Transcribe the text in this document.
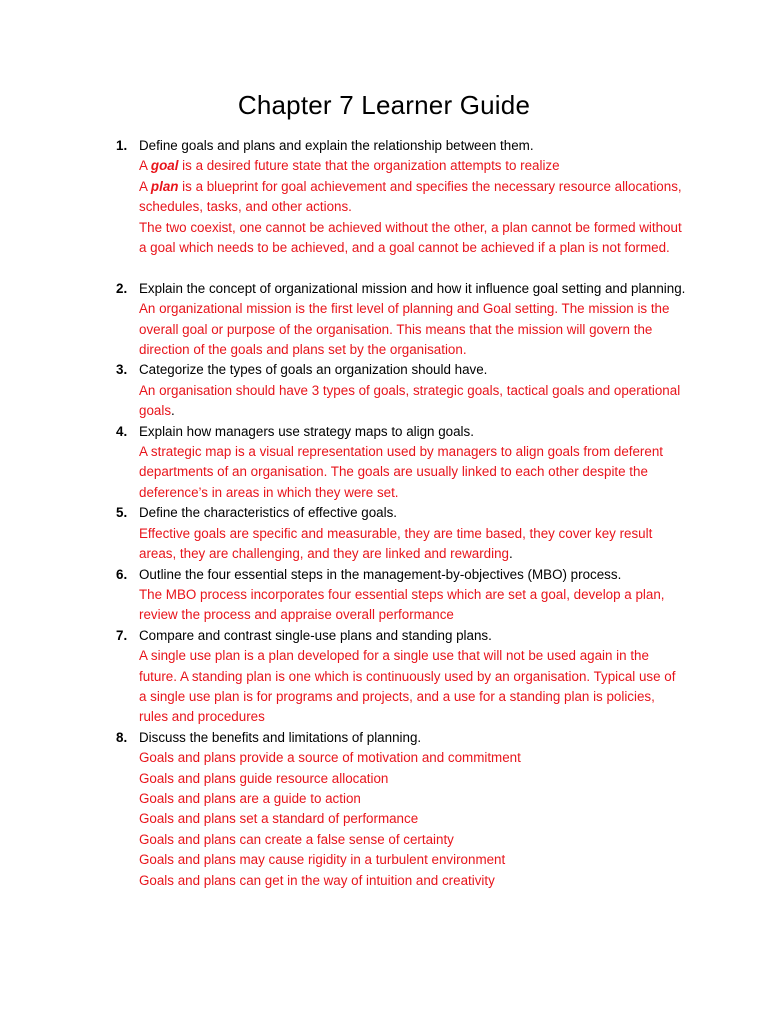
Chapter 7 Learner Guide
1. Define goals and plans and explain the relationship between them.
A goal is a desired future state that the organization attempts to realize
A plan is a blueprint for goal achievement and specifies the necessary resource allocations, schedules, tasks, and other actions.
The two coexist, one cannot be achieved without the other, a plan cannot be formed without a goal which needs to be achieved, and a goal cannot be achieved if a plan is not formed.
2. Explain the concept of organizational mission and how it influence goal setting and planning.
An organizational mission is the first level of planning and Goal setting. The mission is the overall goal or purpose of the organisation. This means that the mission will govern the direction of the goals and plans set by the organisation.
3. Categorize the types of goals an organization should have.
An organisation should have 3 types of goals, strategic goals, tactical goals and operational goals.
4. Explain how managers use strategy maps to align goals.
A strategic map is a visual representation used by managers to align goals from deferent departments of an organisation. The goals are usually linked to each other despite the deference’s in areas in which they were set.
5. Define the characteristics of effective goals.
Effective goals are specific and measurable, they are time based, they cover key result areas, they are challenging, and they are linked and rewarding.
6. Outline the four essential steps in the management-by-objectives (MBO) process.
The MBO process incorporates four essential steps which are set a goal, develop a plan, review the process and appraise overall performance
7. Compare and contrast single-use plans and standing plans.
A single use plan is a plan developed for a single use that will not be used again in the future. A standing plan is one which is continuously used by an organisation. Typical use of a single use plan is for programs and projects, and a use for a standing plan is policies, rules and procedures
8. Discuss the benefits and limitations of planning.
Goals and plans provide a source of motivation and commitment
Goals and plans guide resource allocation
Goals and plans are a guide to action
Goals and plans set a standard of performance
Goals and plans can create a false sense of certainty
Goals and plans may cause rigidity in a turbulent environment
Goals and plans can get in the way of intuition and creativity
